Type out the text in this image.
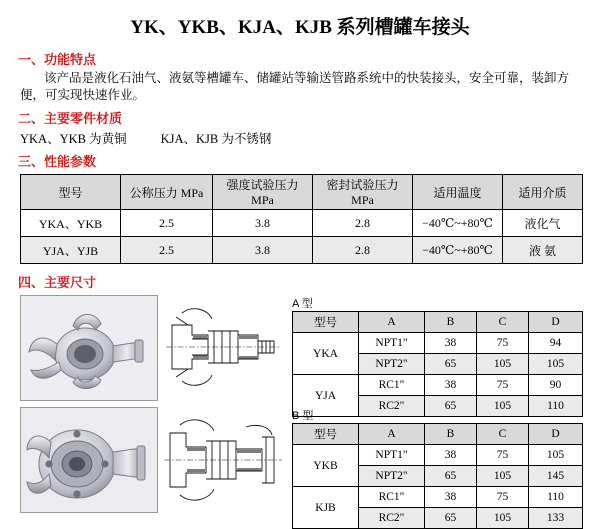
YK、YKB、KJA、KJB 系列槽罐车接头
一、功能特点
该产品是液化石油气、液氨等槽罐车、储罐站等输送管路系统中的快装接头，安全可靠，装卸方便，可实现快速作业。
二、主要零件材质
YKA、YKB 为黄铜	KJA、KJB 为不锈钢
三、性能参数
型号	公称压力 MPa	强度试验压力 MPa	密封试验压力 MPa	适用温度	适用介质
YKA、YKB	2.5	3.8	2.8	−40℃~+80℃	液化气
YJA、YJB	2.5	3.8	2.8	−40℃~+80℃	液 氨
四、主要尺寸
A 型
型号	A	B	C	D
YKA	NPT1"	38	75	94
	NPT2"	65	105	105
YJA	RC1"	38	75	90
	RC2"	65	105	110
B 型
型号	A	B	C	D
YKB	NPT1"	38	75	105
	NPT2"	65	105	145
KJB	RC1"	38	75	110
	RC2"	65	105	133
